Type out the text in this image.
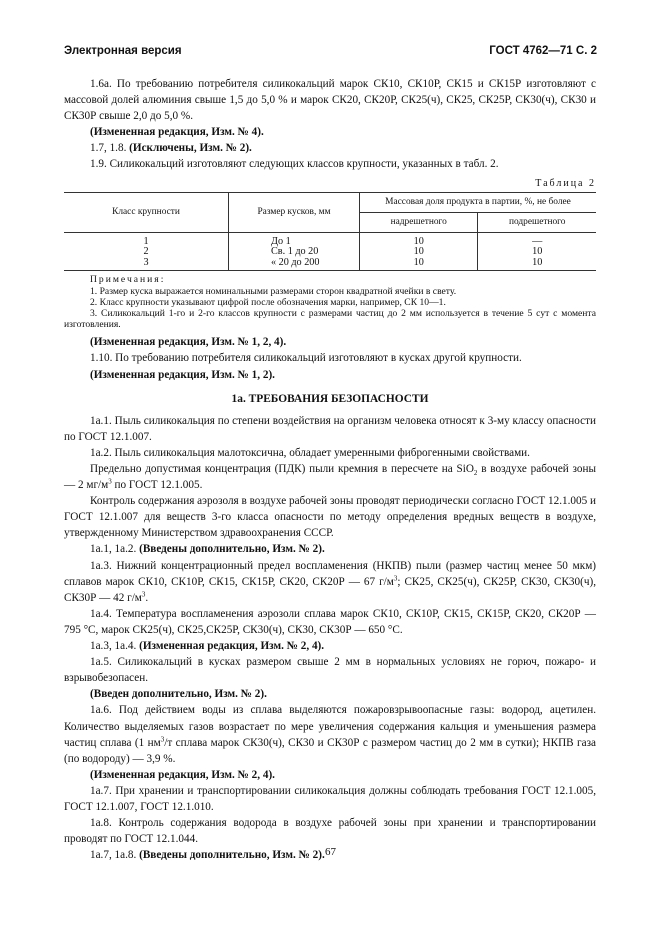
Электронная версия	ГОСТ 4762—71 С. 2

1.6а. По требованию потребителя силикокальций марок СК10, СК10Р, СК15 и СК15Р изготовляют с массовой долей алюминия свыше 1,5 до 5,0 % и марок СК20, СК20Р, СК25(ч), СК25, СК25Р, СК30(ч), СК30 и СК30Р свыше 2,0 до 5,0 %.

(Измененная редакция, Изм. № 4).

1.7, 1.8. (Исключены, Изм. № 2).

1.9. Силикокальций изготовляют следующих классов крупности, указанных в табл. 2.

Таблица 2
Класс крупности	Размер кусков, мм	Массовая доля продукта в партии, %, не более	
		надрешетного	подрешетного
1	До 1	10	—
2	Св. 1 до 20	10	10
3	« 20 до 200	10	10
Примечания:
1. Размер куска выражается номинальными размерами сторон квадратной ячейки в свету.
2. Класс крупности указывают цифрой после обозначения марки, например, СК 10—1.
3. Силикокальций 1-го и 2-го классов крупности с размерами частиц до 2 мм используется в течение 5 сут с момента изготовления.

(Измененная редакция, Изм. № 1, 2, 4).

1.10. По требованию потребителя силикокальций изготовляют в кусках другой крупности.

(Измененная редакция, Изм. № 1, 2).

1а. ТРЕБОВАНИЯ БЕЗОПАСНОСТИ

1а.1. Пыль силикокальция по степени воздействия на организм человека относят к 3-му классу опасности по ГОСТ 12.1.007.

1а.2. Пыль силикокальция малотоксична, обладает умеренными фиброгенными свойствами.

Предельно допустимая концентрация (ПДК) пыли кремния в пересчете на SiO$_2$ в воздухе рабочей зоны — 2 $мг/м^3$ по ГОСТ 12.1.005.

Контроль содержания аэрозоля в воздухе рабочей зоны проводят периодически согласно ГОСТ 12.1.005 и ГОСТ 12.1.007 для веществ 3-го класса опасности по методу определения вредных веществ в воздухе, утвержденному Министерством здравоохранения СССР.

1а.1, 1а.2. (Введены дополнительно, Изм. № 2).

1а.3. Нижний концентрационный предел воспламенения (НКПВ) пыли (размер частиц менее 50 мкм) сплавов марок СК10, СК10Р, СК15, СК15Р, СК20, СК20Р — 67 $г/м^3$; СК25, СК25(ч), СК25Р, СК30, СК30(ч), СК30Р — 42 $г/м^3$.

1а.4. Температура воспламенения аэрозоли сплава марок СК10, СК10Р, СК15, СК15Р, СК20, СК20Р — 795 °С, марок СК25(ч), СК25,СК25Р, СК30(ч), СК30, СК30Р — 650 °С.

1а.3, 1а.4. (Измененная редакция, Изм. № 2, 4).

1а.5. Силикокальций в кусках размером свыше 2 мм в нормальных условиях не горюч, пожаро- и взрывобезопасен.

(Введен дополнительно, Изм. № 2).

1а.6. Под действием воды из сплава выделяются пожаровзрывоопасные газы: водород, ацетилен. Количество выделяемых газов возрастает по мере увеличения содержания кальция и уменьшения размера частиц сплава (1 $нм^3/т$ сплава марок СК30(ч), СК30 и СК30Р с размером частиц до 2 мм в сутки); НКПВ газа (по водороду) — 3,9 %.

(Измененная редакция, Изм. № 2, 4).

1а.7. При хранении и транспортировании силикокальция должны соблюдать требования ГОСТ 12.1.005, ГОСТ 12.1.007, ГОСТ 12.1.010.

1а.8. Контроль содержания водорода в воздухе рабочей зоны при хранении и транспортировании проводят по ГОСТ 12.1.044.

1а.7, 1а.8. (Введены дополнительно, Изм. № 2). 67
